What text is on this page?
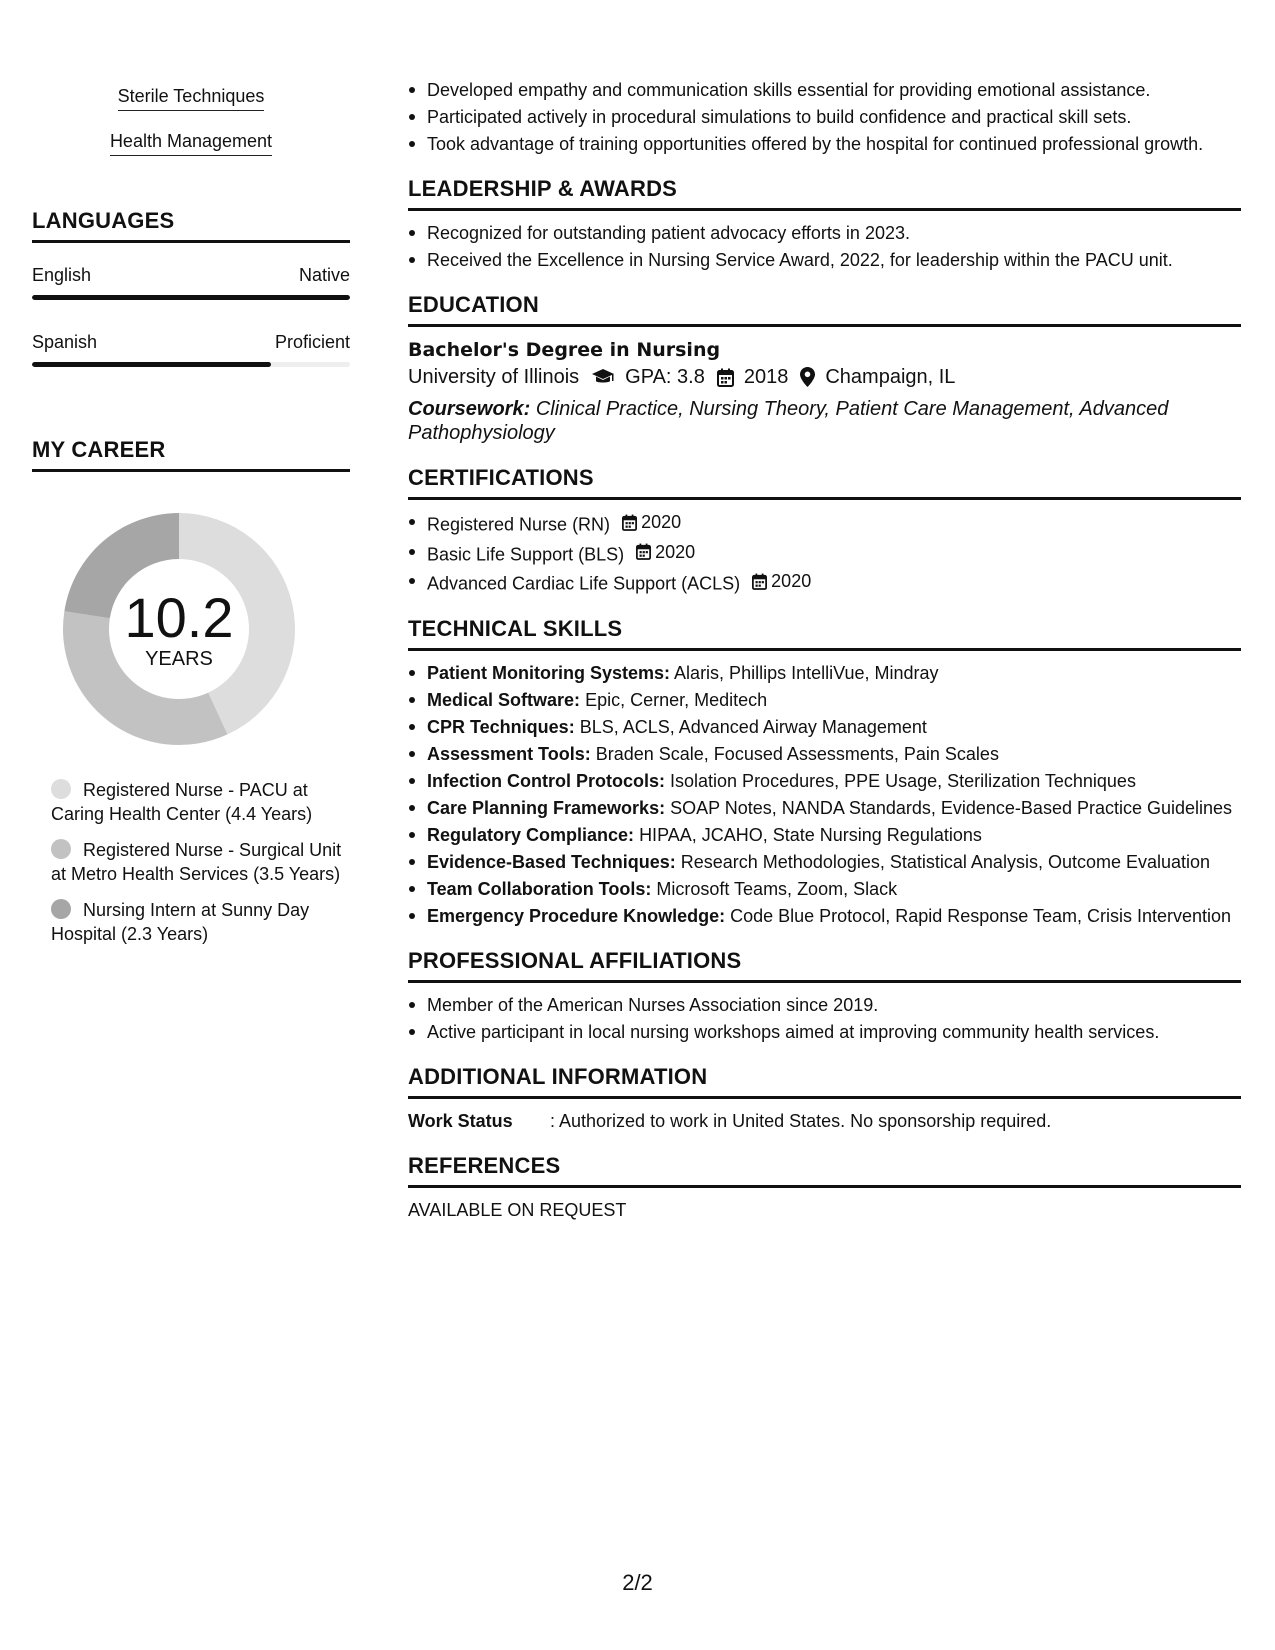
Sterile Techniques
Health Management
LANGUAGES
English	Native
Spanish	Proficient
MY CAREER
10.2
YEARS
Registered Nurse - PACU at Caring Health Center (4.4 Years)
Registered Nurse - Surgical Unit at Metro Health Services (3.5 Years)
Nursing Intern at Sunny Day Hospital (2.3 Years)
Developed empathy and communication skills essential for providing emotional assistance.
Participated actively in procedural simulations to build confidence and practical skill sets.
Took advantage of training opportunities offered by the hospital for continued professional growth.
LEADERSHIP & AWARDS
Recognized for outstanding patient advocacy efforts in 2023.
Received the Excellence in Nursing Service Award, 2022, for leadership within the PACU unit.
EDUCATION
Bachelor's Degree in Nursing
University of Illinois GPA: 3.8 2018 Champaign, IL
Coursework: Clinical Practice, Nursing Theory, Patient Care Management, Advanced Pathophysiology
CERTIFICATIONS
Registered Nurse (RN) 2020
Basic Life Support (BLS) 2020
Advanced Cardiac Life Support (ACLS) 2020
TECHNICAL SKILLS
Patient Monitoring Systems: Alaris, Phillips IntelliVue, Mindray
Medical Software: Epic, Cerner, Meditech
CPR Techniques: BLS, ACLS, Advanced Airway Management
Assessment Tools: Braden Scale, Focused Assessments, Pain Scales
Infection Control Protocols: Isolation Procedures, PPE Usage, Sterilization Techniques
Care Planning Frameworks: SOAP Notes, NANDA Standards, Evidence-Based Practice Guidelines
Regulatory Compliance: HIPAA, JCAHO, State Nursing Regulations
Evidence-Based Techniques: Research Methodologies, Statistical Analysis, Outcome Evaluation
Team Collaboration Tools: Microsoft Teams, Zoom, Slack
Emergency Procedure Knowledge: Code Blue Protocol, Rapid Response Team, Crisis Intervention
PROFESSIONAL AFFILIATIONS
Member of the American Nurses Association since 2019.
Active participant in local nursing workshops aimed at improving community health services.
ADDITIONAL INFORMATION
Work Status	: Authorized to work in United States. No sponsorship required.
REFERENCES
AVAILABLE ON REQUEST
2/2
